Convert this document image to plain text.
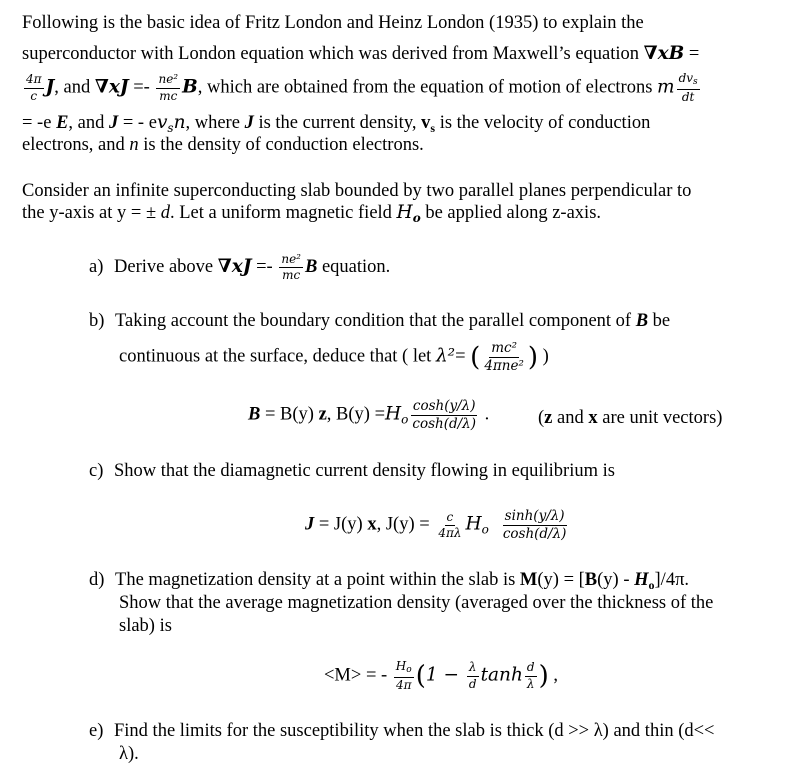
Following is the basic idea of Fritz London and Heinz London (1935) to explain the
superconductor with London equation which was derived from Maxwell’s equation ∇xB =
$\frac{4\pi}{c} J$, and $\nabla xJ =- \frac{\text{ne²}}{mc} B$, which are obtained from the equation of motion of electrons m $\frac{dv_s}{dt}$
= -e E, and J = - $ev_sn$, where J is the current density, $v_s$ is the velocity of conduction
electrons, and n is the density of conduction electrons.
Consider an infinite superconducting slab bounded by two parallel planes perpendicular to
the y-axis at y = ± d. Let a uniform magnetic field $H_o$ be applied along z-axis.
a) Derive above $\nabla xJ =- \frac{\text{ne²}}{mc}$ B equation.
b) Taking account the boundary condition that the parallel component of B be
continuous at the surface, deduce that ( let λ²= ( $\frac{\text{mc²}}{\text{4πne²}}$ ) )
B = B(y) z, $B(y) =H_o \frac{\cosh(y/\lambda)}{\cosh(d/\lambda)}$ .	(z and x are unit vectors)
c) Show that the diamagnetic current density flowing in equilibrium is
J = J(y) x, $J(y) = \frac{c}{4\pi\lambda} H_o \frac{\sinh(y/\lambda)}{\cosh(d/\lambda)}$
d) The magnetization density at a point within the slab is $M(y) = [B(y) - H_o]/4\pi$.
Show that the average magnetization density (averaged over the thickness of the
slab) is
<M> = - $\frac{Ho}{4\pi} (1 - \frac{\lambda}{d}$ $\tanh \frac{d}{\lambda}$ ) ,
e) Find the limits for the susceptibility when the slab is thick (d >> λ) and thin (d<<
λ).
